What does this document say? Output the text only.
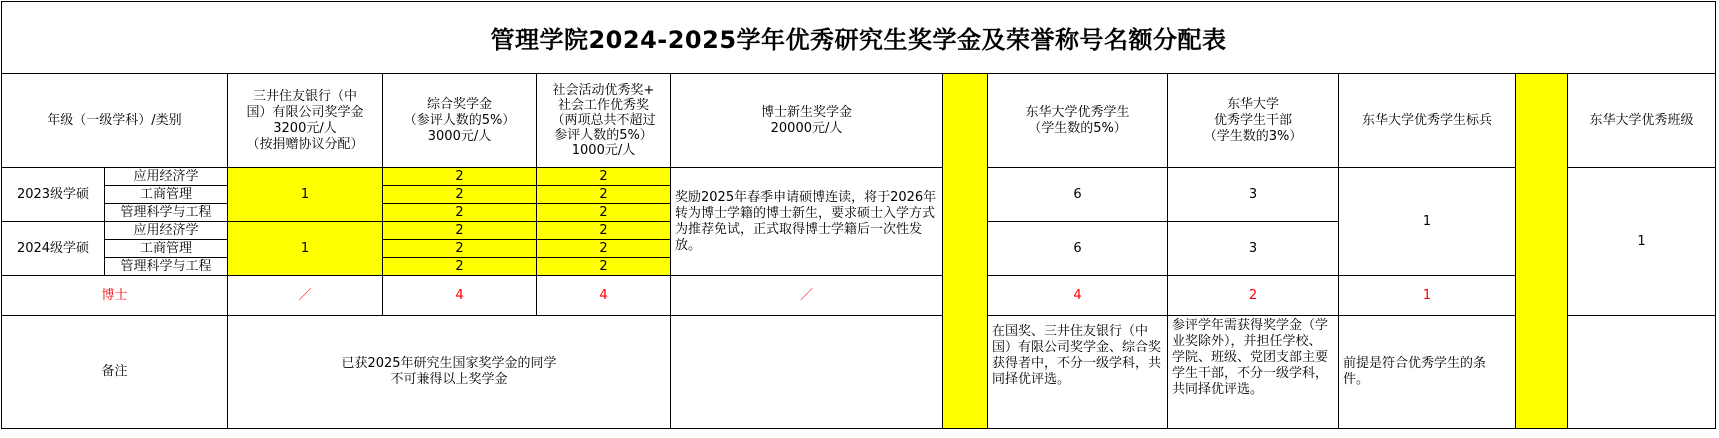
管理学院2024-2025学年优秀研究生奖学金及荣誉称号名额分配表
年级（一级学科）/类别		三井住友银行（中
国）有限公司奖学金
3200元/人
（按捐赠协议分配）	综合奖学金
（参评人数的5%）
3000元/人	社会活动优秀奖+
社会工作优秀奖
（两项总共不超过
参评人数的5%）
1000元/人	博士新生奖学金
20000元/人		东华大学优秀学生
（学生数的5%）	东华大学
优秀学生干部
（学生数的3%）	东华大学优秀学生标兵		东华大学优秀班级
2023级学硕	应用经济学	1	2	2	奖励2025年春季申请硕博连读，将于2026年转为博士学籍的博士新生，要求硕士入学方式为推荐免试，正式取得博士学籍后一次性发放。		6	3	1		1
	工商管理		2	2							
	管理科学与工程		2	2							
2024级学硕	应用经济学	1	2	2			6	3			
	工商管理		2	2							
	管理科学与工程		2	2							
博士		／	4	4	／		4	2	1		
备注		已获2025年研究生国家奖学金的同学
不可兼得以上奖学金					在国奖、三井住友银行（中国）有限公司奖学金、综合奖获得者中，不分一级学科，共同择优评选。	参评学年需获得奖学金（学业奖除外），并担任学校、学院、班级、党团支部主要学生干部，不分一级学科，共同择优评选。	前提是符合优秀学生的条件。		
